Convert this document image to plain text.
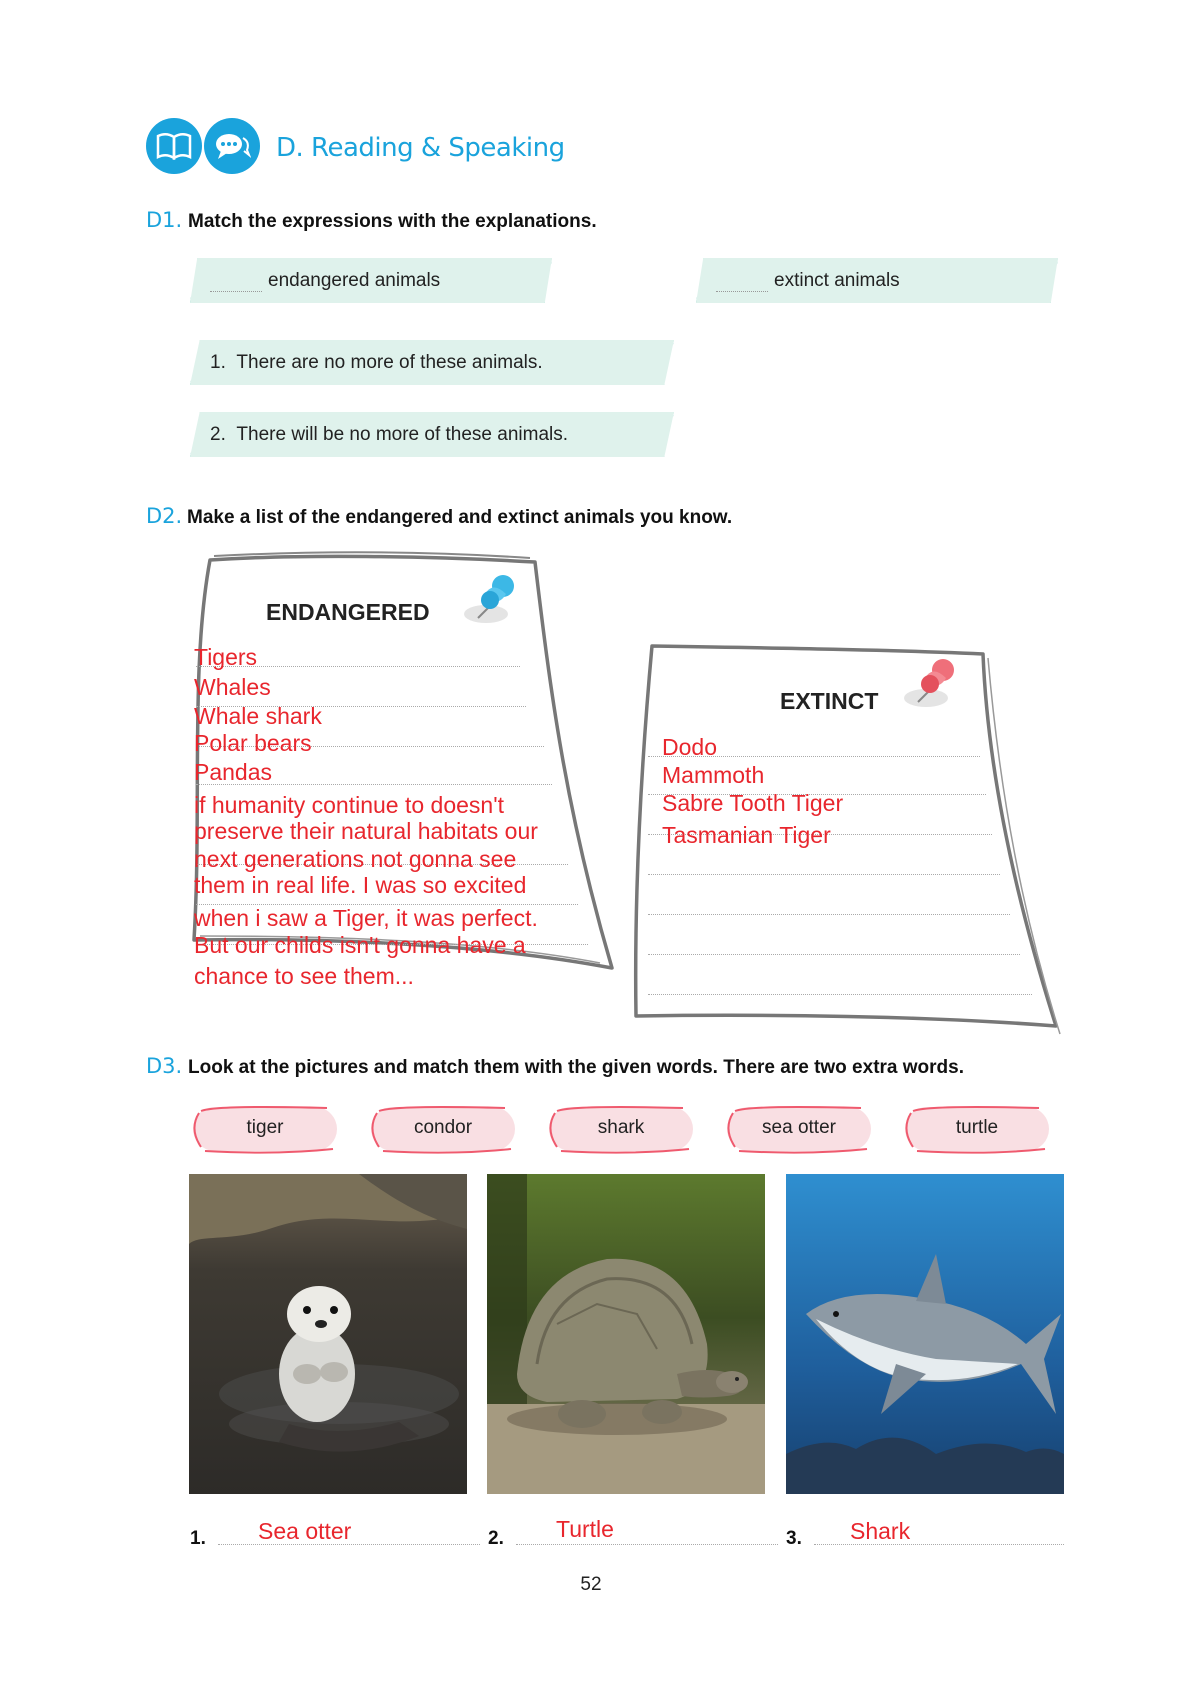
D. Reading & Speaking
D1. Match the expressions with the explanations.
endangered animals	extinct animals
1. There are no more of these animals.
2. There will be no more of these animals.
D2. Make a list of the endangered and extinct animals you know.
ENDANGERED
EXTINCT
Tigers
Whales
Whale shark
Polar bears
Pandas
if humanity continue to doesn't
preserve their natural habitats our
next generations not gonna see
them in real life. I was so excited
when i saw a Tiger, it was perfect.
But our childs isn't gonna have a
chance to see them...
Dodo
Mammoth
Sabre Tooth Tiger
Tasmanian Tiger
D3. Look at the pictures and match them with the given words. There are two extra words.
tiger	condor	shark	sea otter	turtle
1. Sea otter	2. Turtle	3. Shark
52
